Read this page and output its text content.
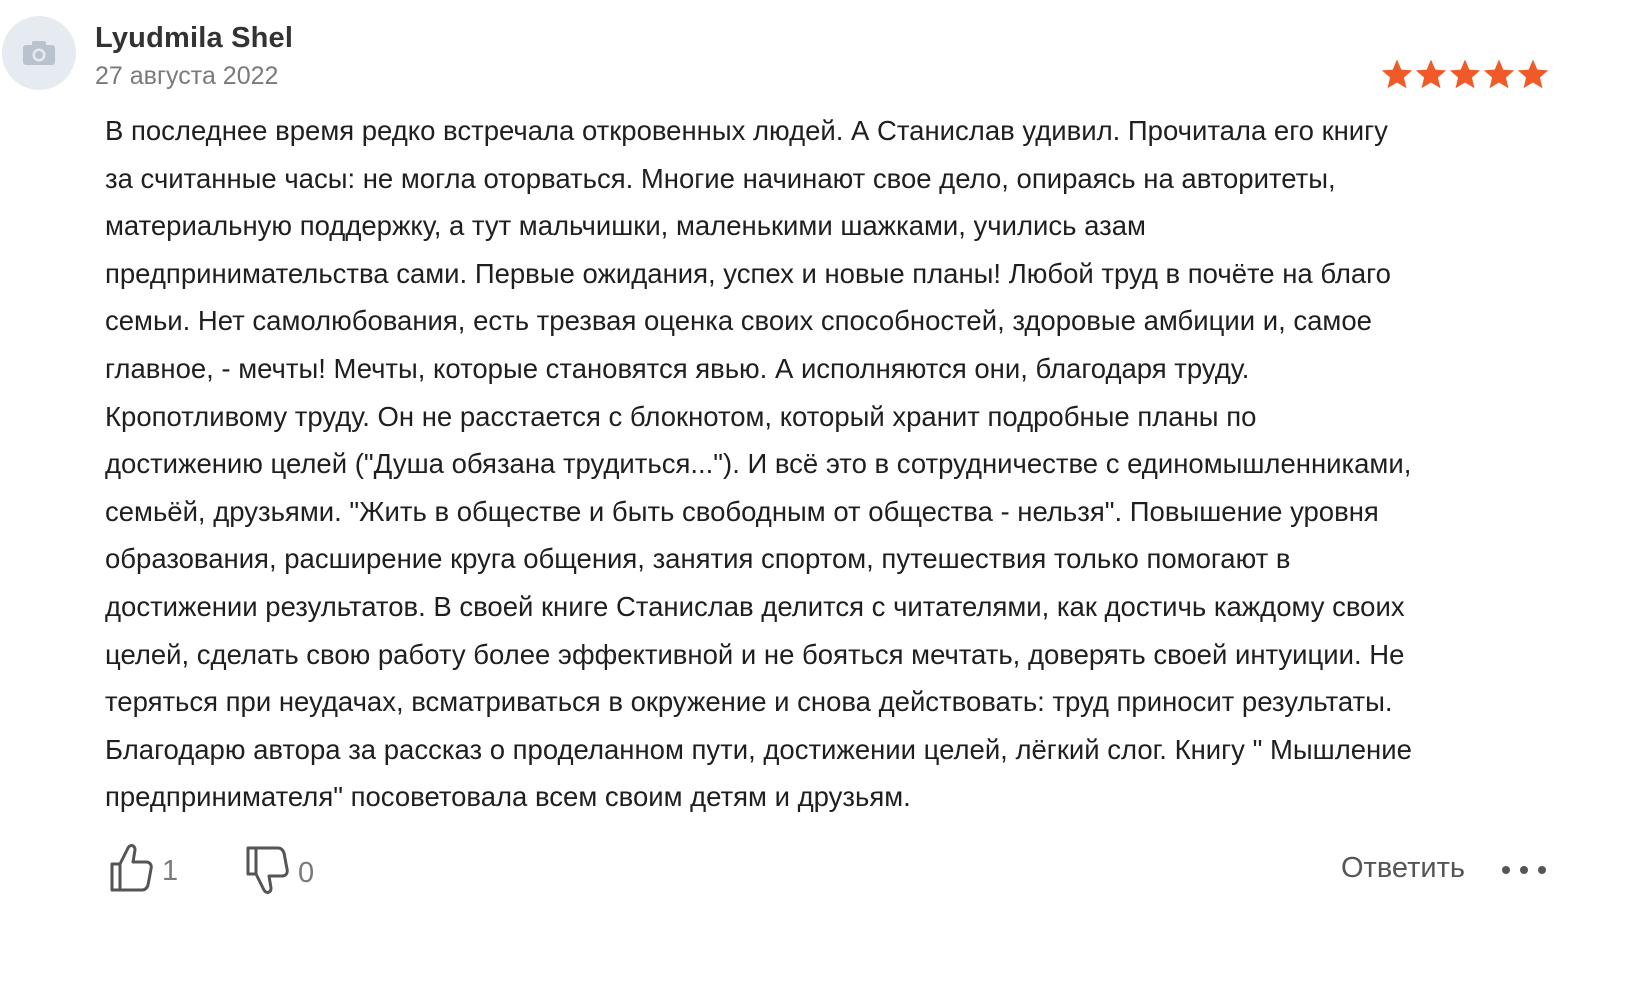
Lyudmila Shel
27 августа 2022
В последнее время редко встречала откровенных людей. А Станислав удивил. Прочитала его книгу
за считанные часы: не могла оторваться. Многие начинают свое дело, опираясь на авторитеты,
материальную поддержку, а тут мальчишки, маленькими шажками, учились азам
предпринимательства сами. Первые ожидания, успех и новые планы! Любой труд в почёте на благо
семьи. Нет самолюбования, есть трезвая оценка своих способностей, здоровые амбиции и, самое
главное, - мечты! Мечты, которые становятся явью. А исполняются они, благодаря труду.
Кропотливому труду. Он не расстается с блокнотом, который хранит подробные планы по
достижению целей ("Душа обязана трудиться..."). И всё это в сотрудничестве с единомышленниками,
семьёй, друзьями. "Жить в обществе и быть свободным от общества - нельзя". Повышение уровня
образования, расширение круга общения, занятия спортом, путешествия только помогают в
достижении результатов. В своей книге Станислав делится с читателями, как достичь каждому своих
целей, сделать свою работу более эффективной и не бояться мечтать, доверять своей интуиции. Не
теряться при неудачах, всматриваться в окружение и снова действовать: труд приносит результаты.
Благодарю автора за рассказ о проделанном пути, достижении целей, лёгкий слог. Книгу " Мышление
предпринимателя" посоветовала всем своим детям и друзьям.
1	0	Ответить
